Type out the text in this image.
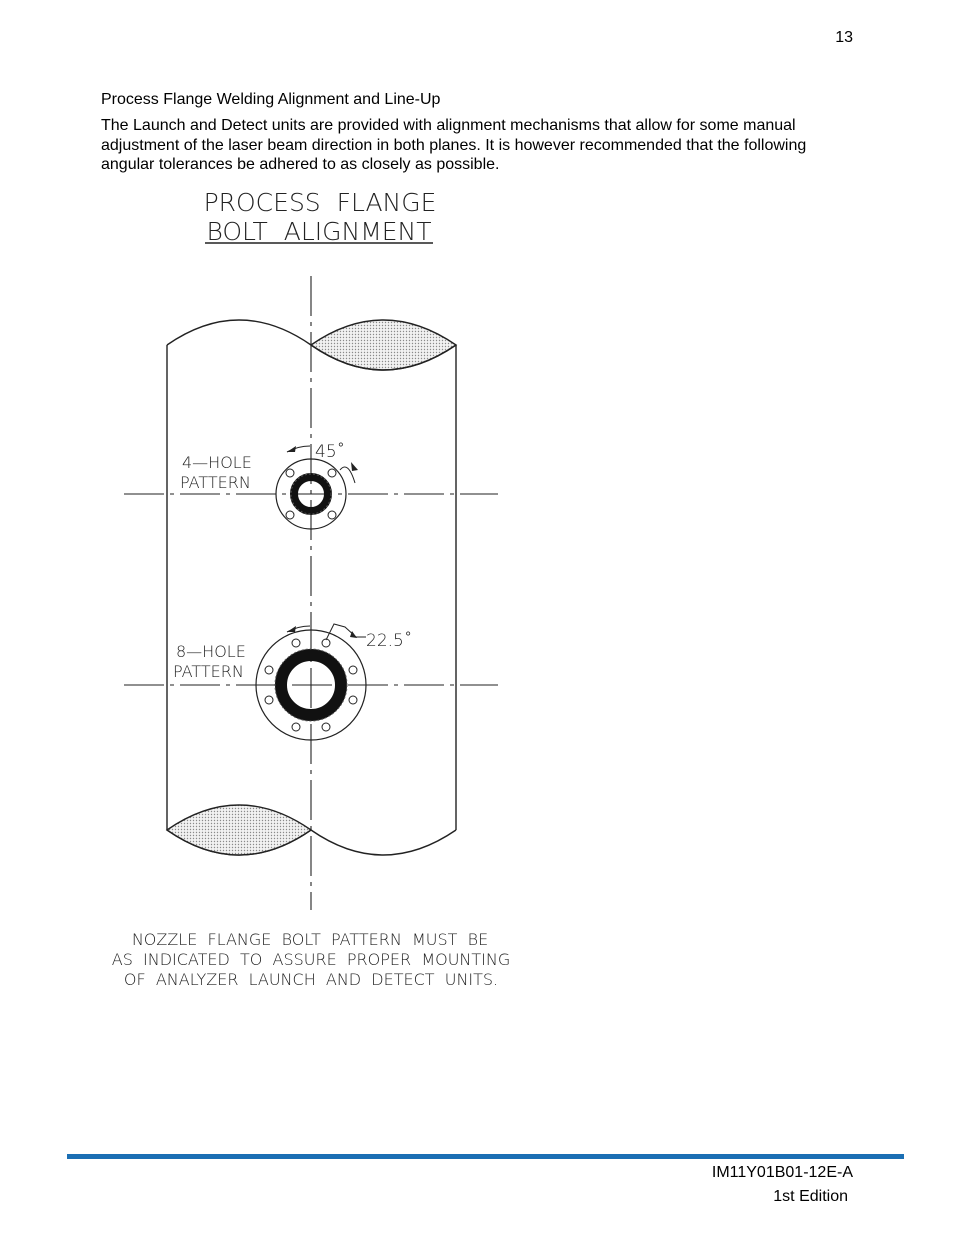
13
Process Flange Welding Alignment and Line-Up

The Launch and Detect units are provided with alignment mechanisms that allow for some manual adjustment of the laser beam direction in both planes. It is however recommended that the following angular tolerances be adhered to as closely as possible.

PROCESS  FLANGE
BOLT  ALIGNMENT
45˚
4—HOLE
PATTERN
22.5˚
8—HOLE
PATTERN
NOZZLE  FLANGE  BOLT  PATTERN  MUST  BE
AS  INDICATED  TO  ASSURE  PROPER  MOUNTING
OF  ANALYZER  LAUNCH  AND  DETECT  UNITS.
IM11Y01B01-12E-A
1st Edition
